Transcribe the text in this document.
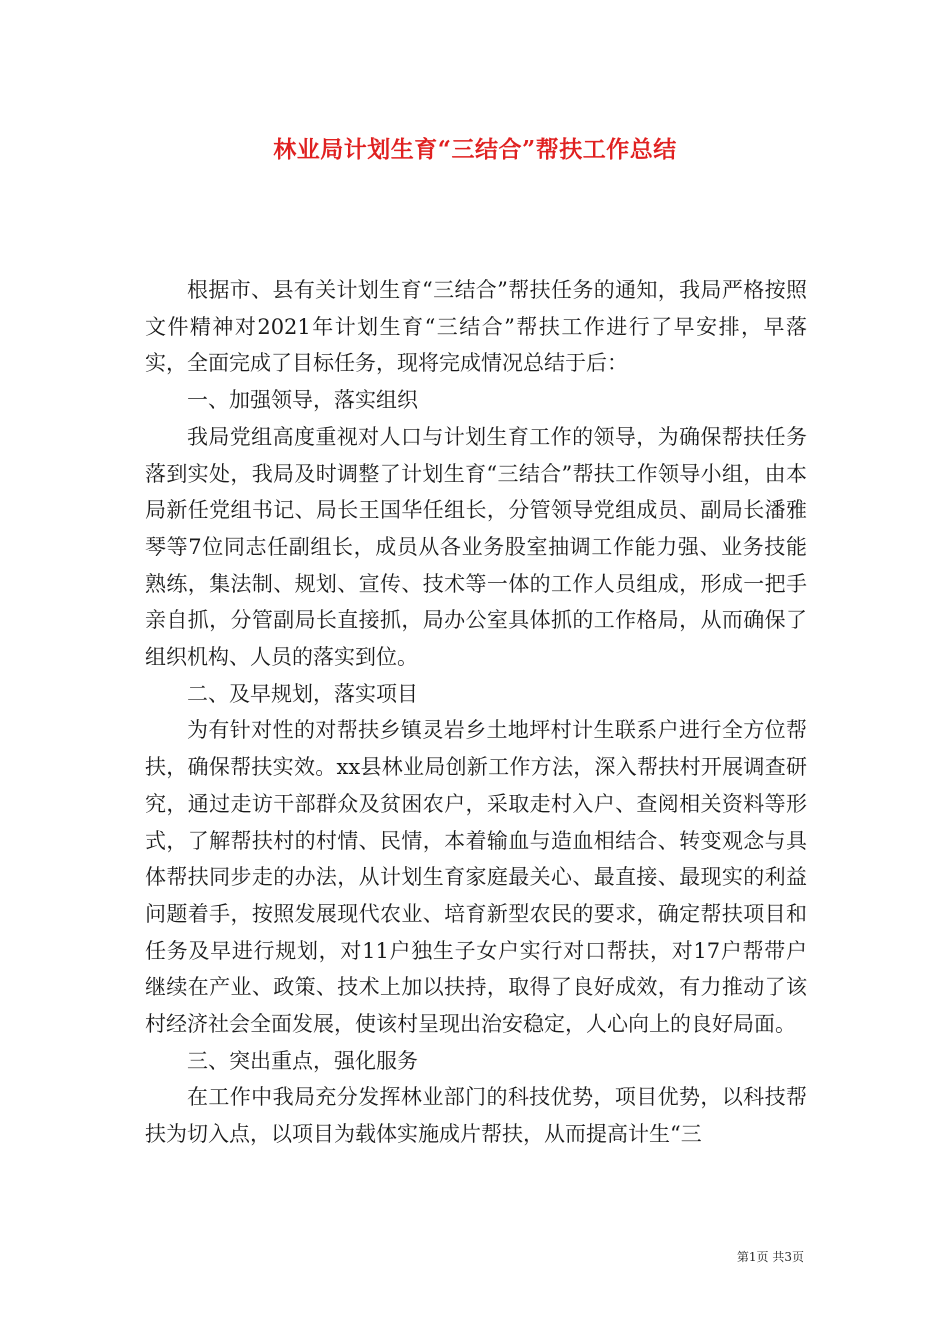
林业局计划生育“三结合”帮扶工作总结

根据市、县有关计划生育“三结合”帮扶任务的通知，我局严格按照文件精神对2021年计划生育“三结合”帮扶工作进行了早安排，早落实，全面完成了目标任务，现将完成情况总结于后：

一、加强领导，落实组织

我局党组高度重视对人口与计划生育工作的领导，为确保帮扶任务落到实处，我局及时调整了计划生育“三结合”帮扶工作领导小组，由本局新任党组书记、局长王国华任组长，分管领导党组成员、副局长潘雅琴等7位同志任副组长，成员从各业务股室抽调工作能力强、业务技能熟练，集法制、规划、宣传、技术等一体的工作人员组成，形成一把手亲自抓，分管副局长直接抓，局办公室具体抓的工作格局，从而确保了组织机构、人员的落实到位。

二、及早规划，落实项目

为有针对性的对帮扶乡镇灵岩乡土地坪村计生联系户进行全方位帮扶，确保帮扶实效。xx县林业局创新工作方法，深入帮扶村开展调查研究，通过走访干部群众及贫困农户，采取走村入户、查阅相关资料等形式，了解帮扶村的村情、民情，本着输血与造血相结合、转变观念与具体帮扶同步走的办法，从计划生育家庭最关心、最直接、最现实的利益问题着手，按照发展现代农业、培育新型农民的要求，确定帮扶项目和任务及早进行规划，对11户独生子女户实行对口帮扶，对17户帮带户继续在产业、政策、技术上加以扶持，取得了良好成效，有力推动了该村经济社会全面发展，使该村呈现出治安稳定，人心向上的良好局面。

三、突出重点，强化服务

在工作中我局充分发挥林业部门的科技优势，项目优势，以科技帮扶为切入点，以项目为载体实施成片帮扶，从而提高计生“三

第1页 共3页
